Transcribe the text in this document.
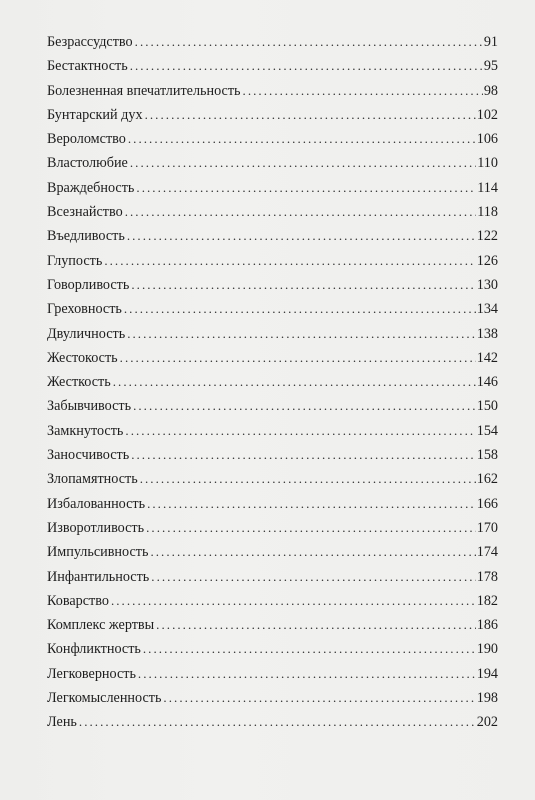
Безрассудство . . .	91
Бестактность . . .	95
Болезненная впечатлительность . . .	98
Бунтарский дух . . .	102
Вероломство . . .	106
Властолюбие . . .	110
Враждебность . . .	114
Всезнайство . . .	118
Въедливость . . .	122
Глупость . . .	126
Говорливость . . .	130
Греховность . . .	134
Двуличность . . .	138
Жестокость . . .	142
Жесткость . . .	146
Забывчивость . . .	150
Замкнутость . . .	154
Заносчивость . . .	158
Злопамятность . . .	162
Избалованность . . .	166
Изворотливость . . .	170
Импульсивность . . .	174
Инфантильность . . .	178
Коварство . . .	182
Комплекс жертвы . . .	186
Конфликтность . . .	190
Легковерность . . .	194
Легкомысленность . . .	198
Лень . . .	202
